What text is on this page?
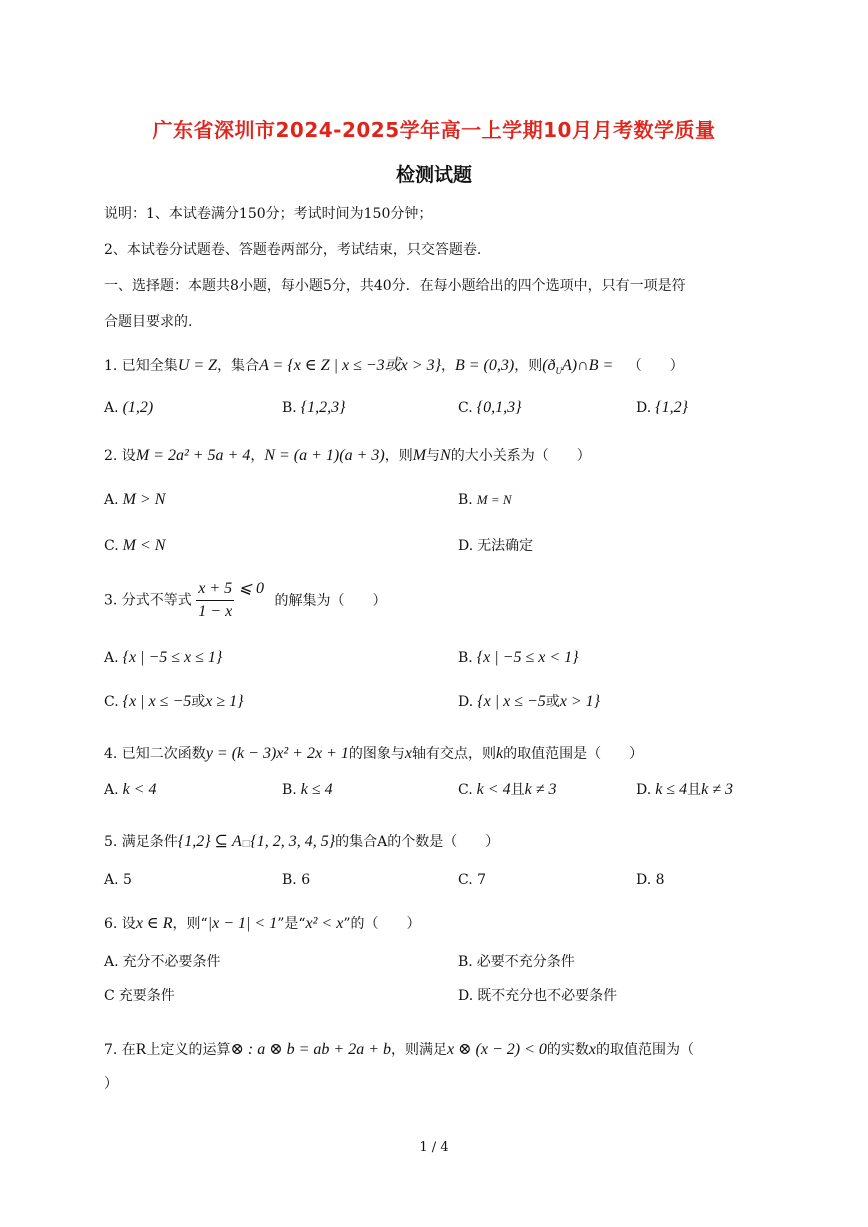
广东省深圳市2024-2025学年高一上学期10月月考数学质量
检测试题
说明：1、本试卷满分150分；考试时间为150分钟；
2、本试卷分试题卷、答题卷两部分，考试结束，只交答题卷.
一、选择题：本题共8小题，每小题5分，共40分．在每小题给出的四个选项中，只有一项是符
合题目要求的.
1. 已知全集U = Z，集合A = {x ∈ Z | x ≤ −3或x > 3}，B = (0,3)，则$(ð_UA)\cap B$ = （　　）
A. (1,2)	B. {1,2,3}	C. {0,1,3}	D. {1,2}
2. 设M = 2a² + 5a + 4，N = (a + 1)(a + 3)，则M与N的大小关系为（　　）
A. M > N	B. M = N
C. M < N	D. 无法确定
3. 分式不等式 $\frac{x + 5}{1 - x}$ ⩽ 0 的解集为（　　）
A. {x | −5 ≤ x ≤ 1}	B. {x | −5 ≤ x < 1}
C. {x | x ≤ −5或x ≥ 1}	D. {x | x ≤ −5或x > 1}
4. 已知二次函数y = (k − 3)x² + 2x + 1的图象与x轴有交点，则k的取值范围是（　　）
A. k < 4	B. k ≤ 4	C. k < 4且k ≠ 3	D. k ≤ 4且k ≠ 3
5. 满足条件{1,2} ⊆ A□{1, 2, 3, 4, 5}的集合A的个数是（　　）
A. 5	B. 6	C. 7	D. 8
6. 设x ∈ R，则“|x − 1| < 1”是“x² < x”的（　　）
A. 充分不必要条件	B. 必要不充分条件
C 充要条件	D. 既不充分也不必要条件
7. 在R上定义的运算⊗ : a ⊗ b = ab + 2a + b，则满足x ⊗ (x − 2) < 0的实数x的取值范围为（
）
1 / 4
